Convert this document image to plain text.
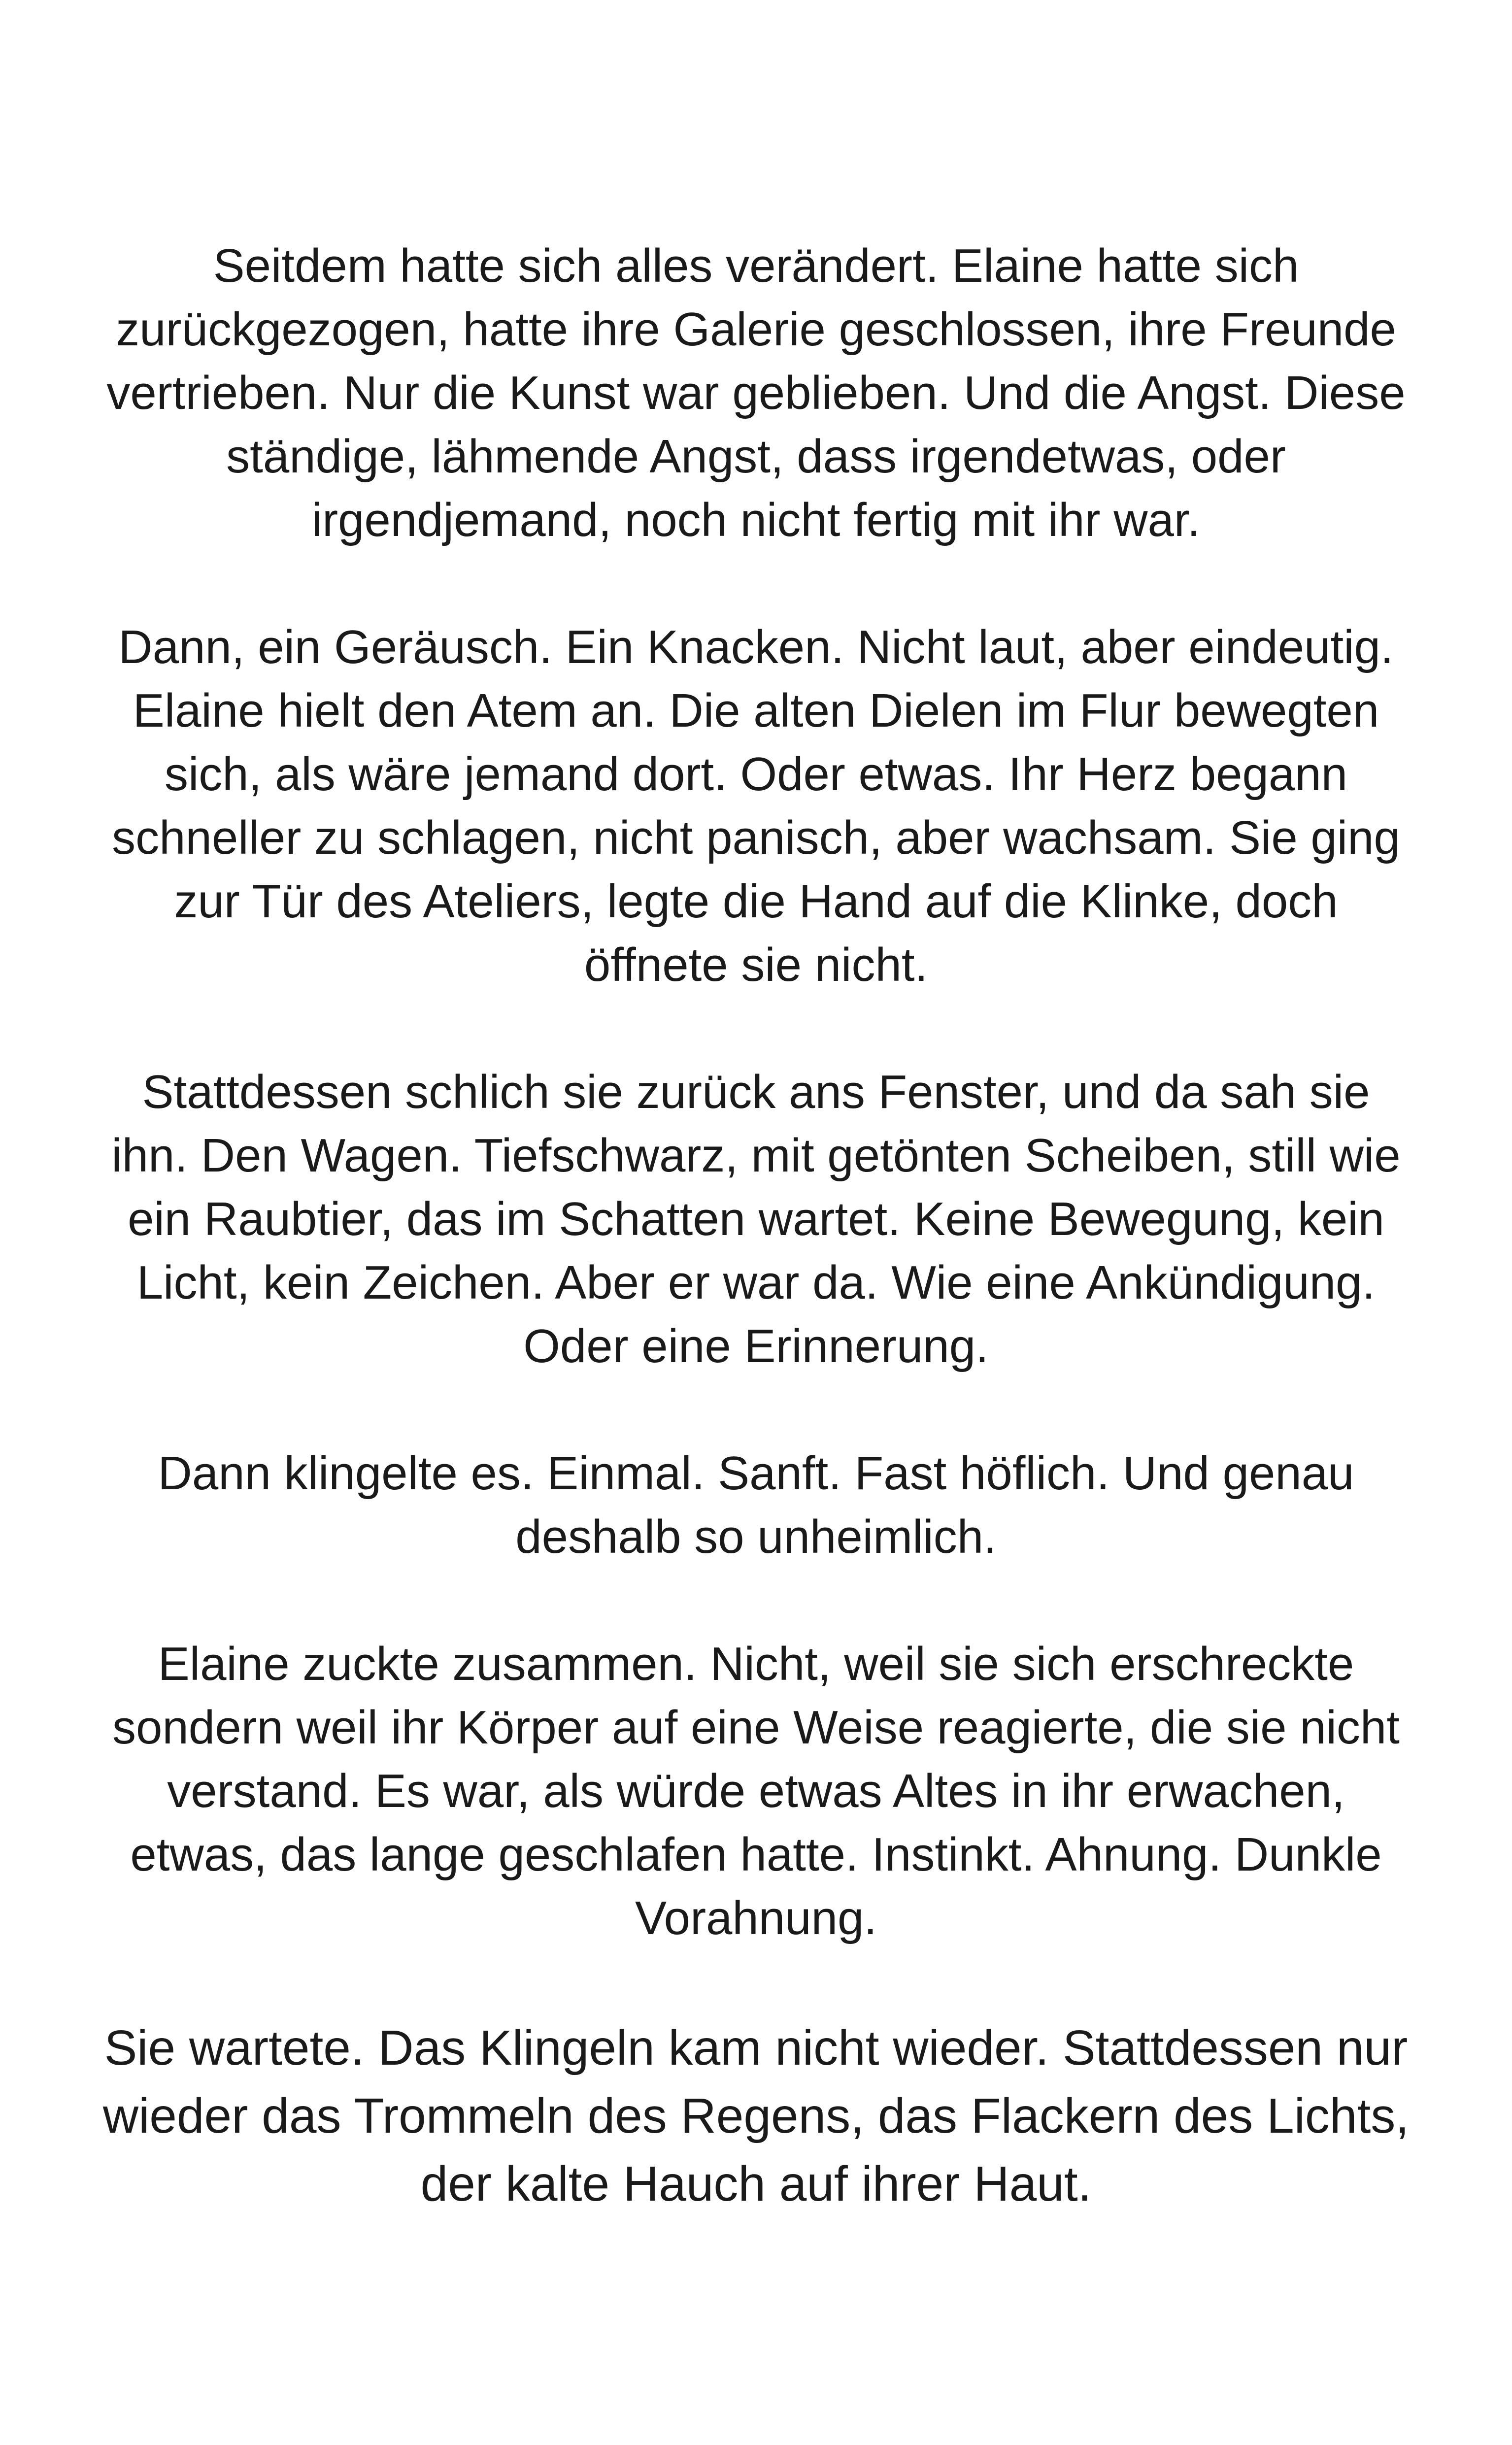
Seitdem hatte sich alles verändert. Elaine hatte sich zurückgezogen, hatte ihre Galerie geschlossen, ihre Freunde vertrieben. Nur die Kunst war geblieben. Und die Angst. Diese ständige, lähmende Angst, dass irgendetwas, oder irgendjemand, noch nicht fertig mit ihr war.

Dann, ein Geräusch. Ein Knacken. Nicht laut, aber eindeutig. Elaine hielt den Atem an. Die alten Dielen im Flur bewegten sich, als wäre jemand dort. Oder etwas. Ihr Herz begann schneller zu schlagen, nicht panisch, aber wachsam. Sie ging zur Tür des Ateliers, legte die Hand auf die Klinke, doch öffnete sie nicht.

Stattdessen schlich sie zurück ans Fenster, und da sah sie ihn. Den Wagen. Tiefschwarz, mit getönten Scheiben, still wie ein Raubtier, das im Schatten wartet. Keine Bewegung, kein Licht, kein Zeichen. Aber er war da. Wie eine Ankündigung. Oder eine Erinnerung.

Dann klingelte es. Einmal. Sanft. Fast höflich. Und genau deshalb so unheimlich.

Elaine zuckte zusammen. Nicht, weil sie sich erschreckte sondern weil ihr Körper auf eine Weise reagierte, die sie nicht verstand. Es war, als würde etwas Altes in ihr erwachen, etwas, das lange geschlafen hatte. Instinkt. Ahnung. Dunkle Vorahnung.

Sie wartete. Das Klingeln kam nicht wieder. Stattdessen nur wieder das Trommeln des Regens, das Flackern des Lichts, der kalte Hauch auf ihrer Haut.
